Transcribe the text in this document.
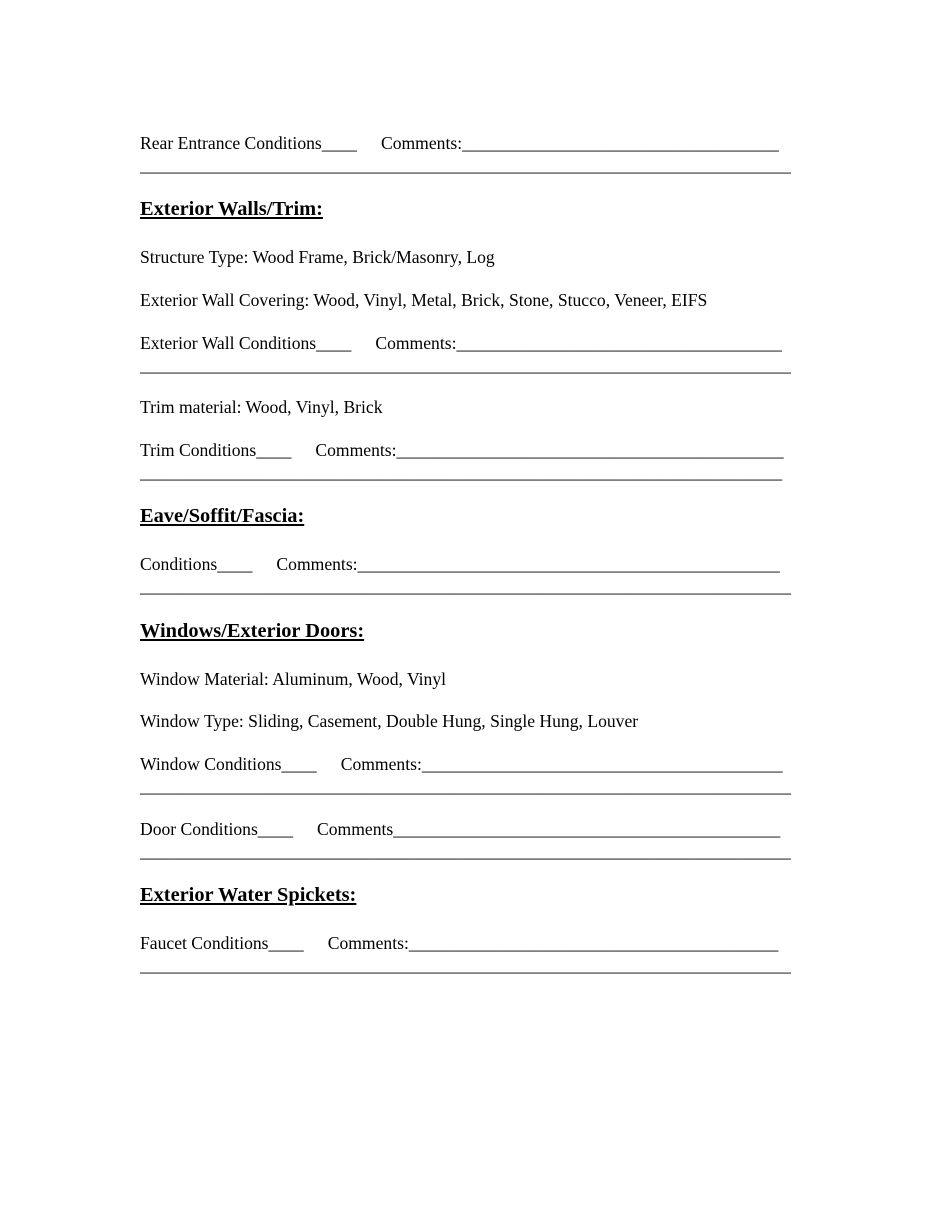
Rear Entrance Conditions____ Comments:____________________________________
__________________________________________________________________________
Exterior Walls/Trim:
Structure Type: Wood Frame, Brick/Masonry, Log
Exterior Wall Covering: Wood, Vinyl, Metal, Brick, Stone, Stucco, Veneer, EIFS
Exterior Wall Conditions____ Comments:_____________________________________
__________________________________________________________________________
Trim material: Wood, Vinyl, Brick
Trim Conditions____ Comments:____________________________________________
_________________________________________________________________________
Eave/Soffit/Fascia:
Conditions____ Comments:________________________________________________
__________________________________________________________________________
Windows/Exterior Doors:
Window Material: Aluminum, Wood, Vinyl
Window Type: Sliding, Casement, Double Hung, Single Hung, Louver
Window Conditions____ Comments:_________________________________________
__________________________________________________________________________
Door Conditions____ Comments____________________________________________
__________________________________________________________________________
Exterior Water Spickets:
Faucet Conditions____ Comments:__________________________________________
__________________________________________________________________________
